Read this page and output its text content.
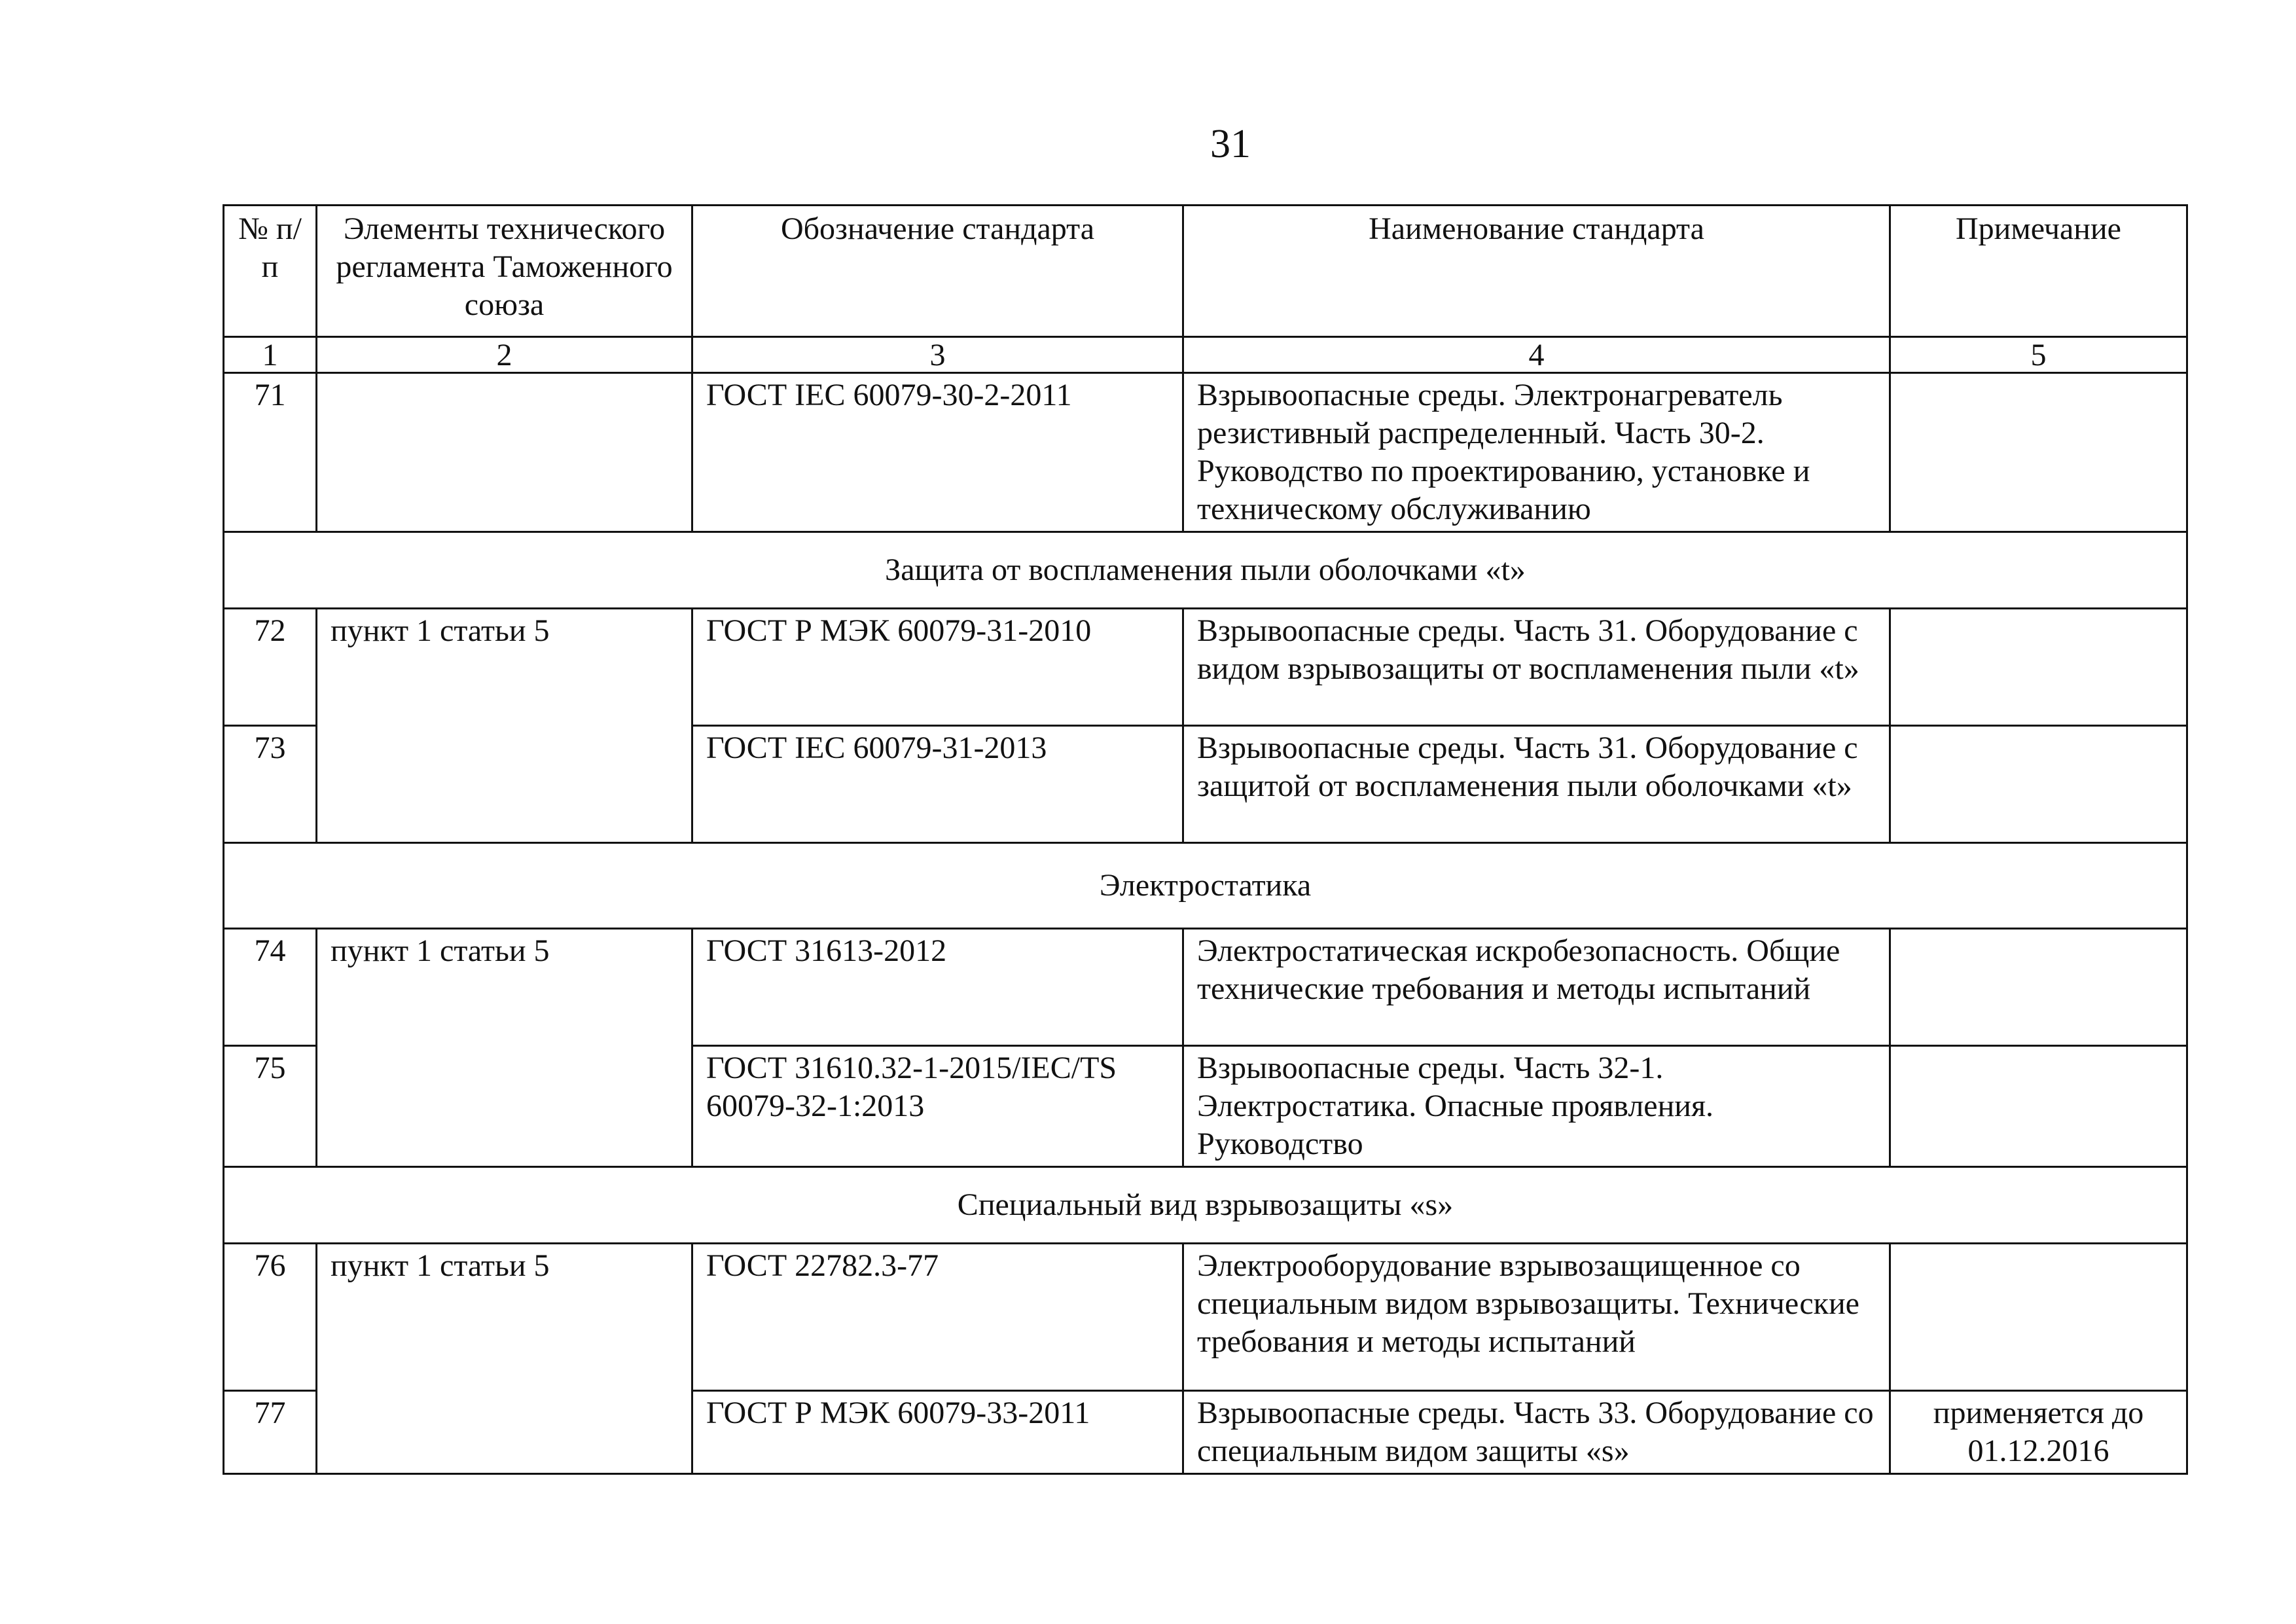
31
№ п/п	Элементы технического регламента Таможенного союза	Обозначение стандарта	Наименование стандарта	Примечание
1	2	3	4	5
71		ГОСТ IEC 60079-30-2-2011	Взрывоопасные среды. Электронагреватель резистивный распределенный. Часть 30-2. Руководство по проектированию, установке и техническому обслуживанию	
Защита от воспламенения пыли оболочками «t»				
72	пункт 1 статьи 5	ГОСТ Р МЭК 60079-31-2010	Взрывоопасные среды. Часть 31. Оборудование с видом взрывозащиты от воспламенения пыли «t»	
73		ГОСТ IEC 60079-31-2013	Взрывоопасные среды. Часть 31. Оборудование с защитой от воспламенения пыли оболочками «t»	
Электростатика				
74	пункт 1 статьи 5	ГОСТ 31613-2012	Электростатическая искробезопасность. Общие технические требования и методы испытаний	
75		ГОСТ 31610.32-1-2015/IEC/TS 60079-32-1:2013	Взрывоопасные среды. Часть 32-1. Электростатика. Опасные проявления. Руководство	
Специальный вид взрывозащиты «s»				
76	пункт 1 статьи 5	ГОСТ 22782.3-77	Электрооборудование взрывозащищенное со специальным видом взрывозащиты. Технические требования и методы испытаний	
77		ГОСТ Р МЭК 60079-33-2011	Взрывоопасные среды. Часть 33. Оборудование со специальным видом защиты «s»	применяется до 01.12.2016
